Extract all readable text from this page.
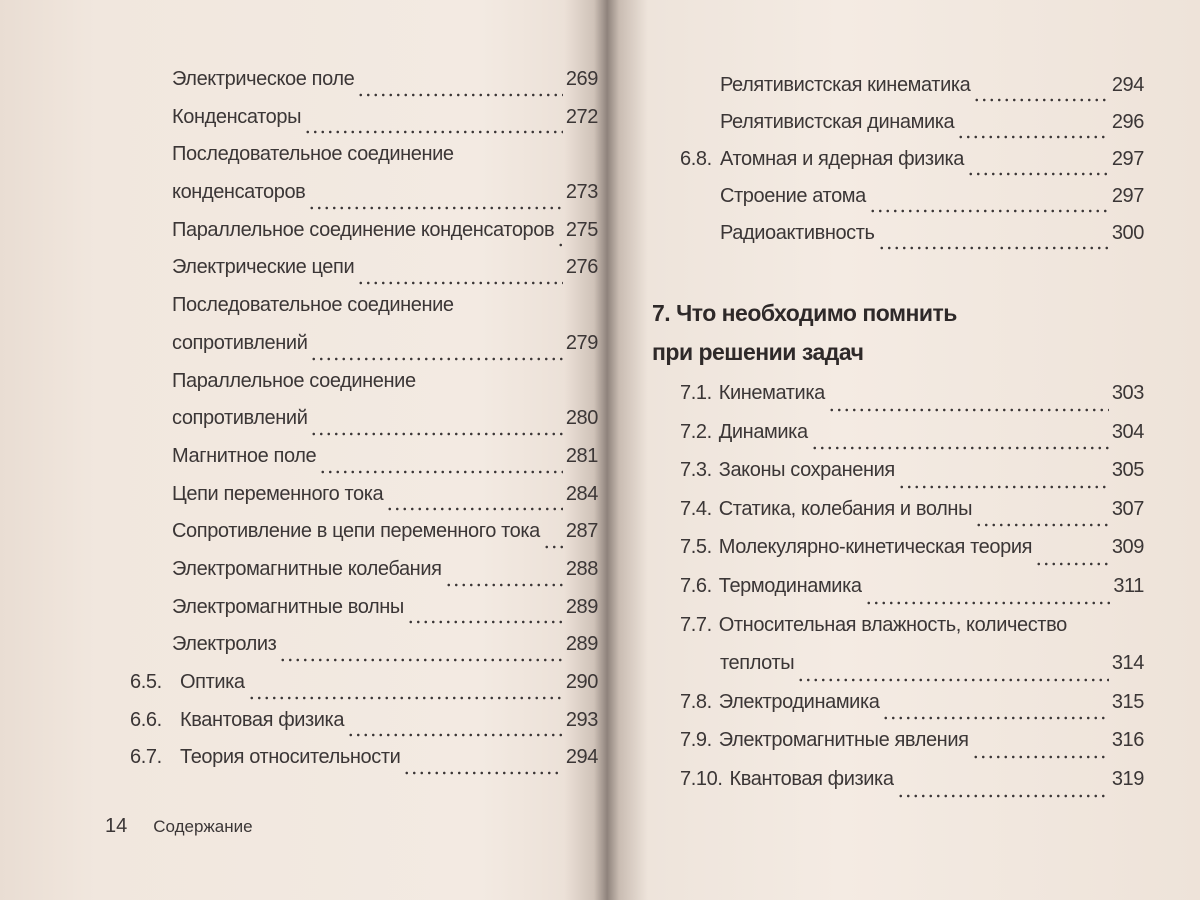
Электрическое поле	269
Конденсаторы	272
Последовательное соединение
конденсаторов	273
Параллельное соединение конденсаторов 275
Электрические цепи	276
Последовательное соединение
сопротивлений	279
Параллельное соединение
сопротивлений	280
Магнитное поле	281
Цепи переменного тока	284
Сопротивление в цепи переменного тока 287
Электромагнитные колебания	288
Электромагнитные волны	289
Электролиз	289
6.5. Оптика	290
6.6. Квантовая физика	293
6.7. Теория относительности	294
Релятивистская кинематика	294
Релятивистская динамика	296
6.8. Атомная и ядерная физика	297
Строение атома	297
Радиоактивность	300
7. Что необходимо помнить
при решении задач
7.1. Кинематика	303
7.2. Динамика	304
7.3. Законы сохранения	305
7.4. Статика, колебания и волны	307
7.5. Молекулярно-кинетическая теория	309
7.6. Термодинамика	311
7.7. Относительная влажность, количество
теплоты	314
7.8. Электродинамика	315
7.9. Электромагнитные явления	316
7.10. Квантовая физика	319
14 Содержание
